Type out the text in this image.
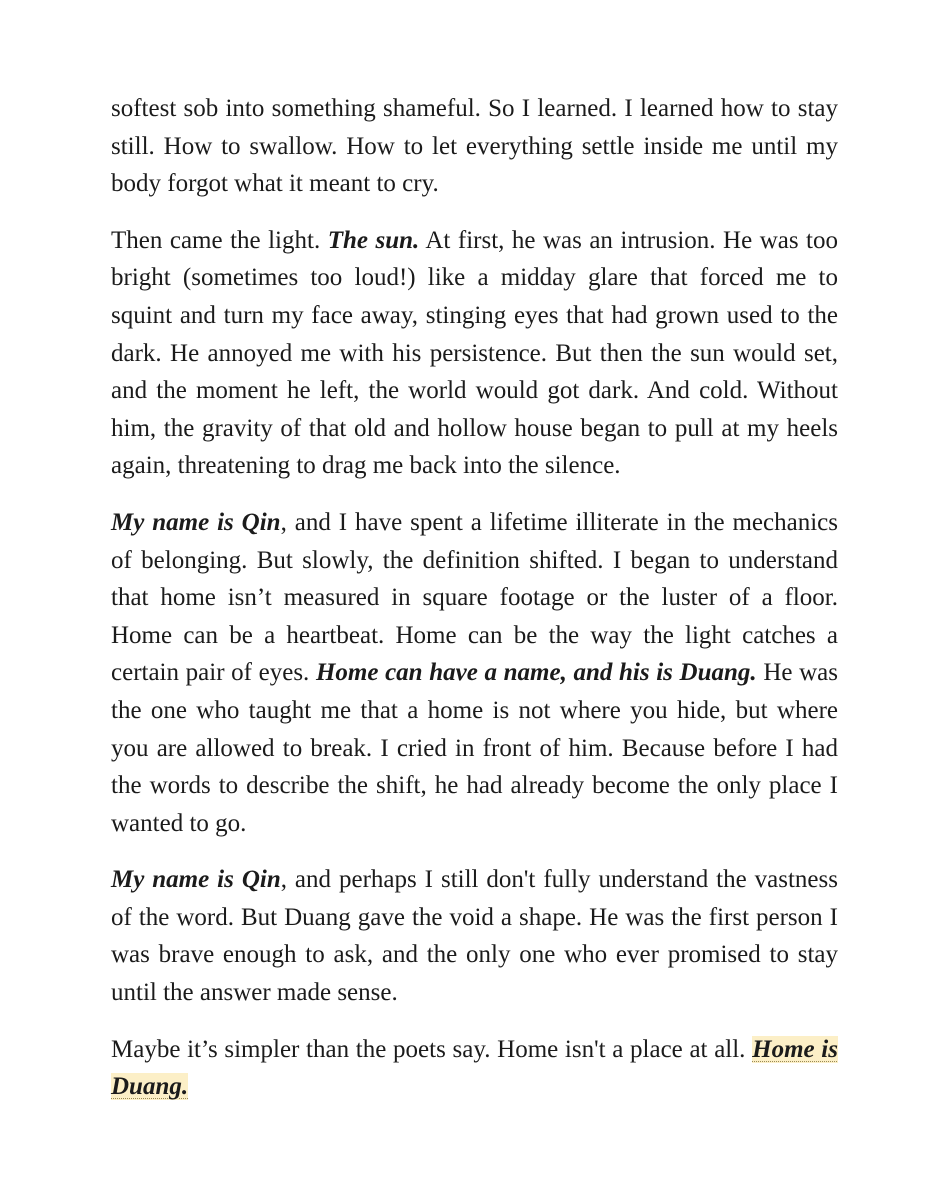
softest sob into something shameful. So I learned. I learned how to stay still. How to swallow. How to let everything settle inside me until my body forgot what it meant to cry.

Then came the light. The sun. At first, he was an intrusion. He was too bright (sometimes too loud!) like a midday glare that forced me to squint and turn my face away, stinging eyes that had grown used to the dark. He annoyed me with his persistence. But then the sun would set, and the moment he left, the world would got dark. And cold. Without him, the gravity of that old and hollow house began to pull at my heels again, threatening to drag me back into the silence.

My name is Qin, and I have spent a lifetime illiterate in the mechanics of belonging. But slowly, the definition shifted. I began to understand that home isn’t measured in square footage or the luster of a floor. Home can be a heartbeat. Home can be the way the light catches a certain pair of eyes. Home can have a name, and his is Duang. He was the one who taught me that a home is not where you hide, but where you are allowed to break. I cried in front of him. Because before I had the words to describe the shift, he had already become the only place I wanted to go.

My name is Qin, and perhaps I still don't fully understand the vastness of the word. But Duang gave the void a shape. He was the first person I was brave enough to ask, and the only one who ever promised to stay until the answer made sense.

Maybe it’s simpler than the poets say. Home isn't a place at all. Home is Duang.
